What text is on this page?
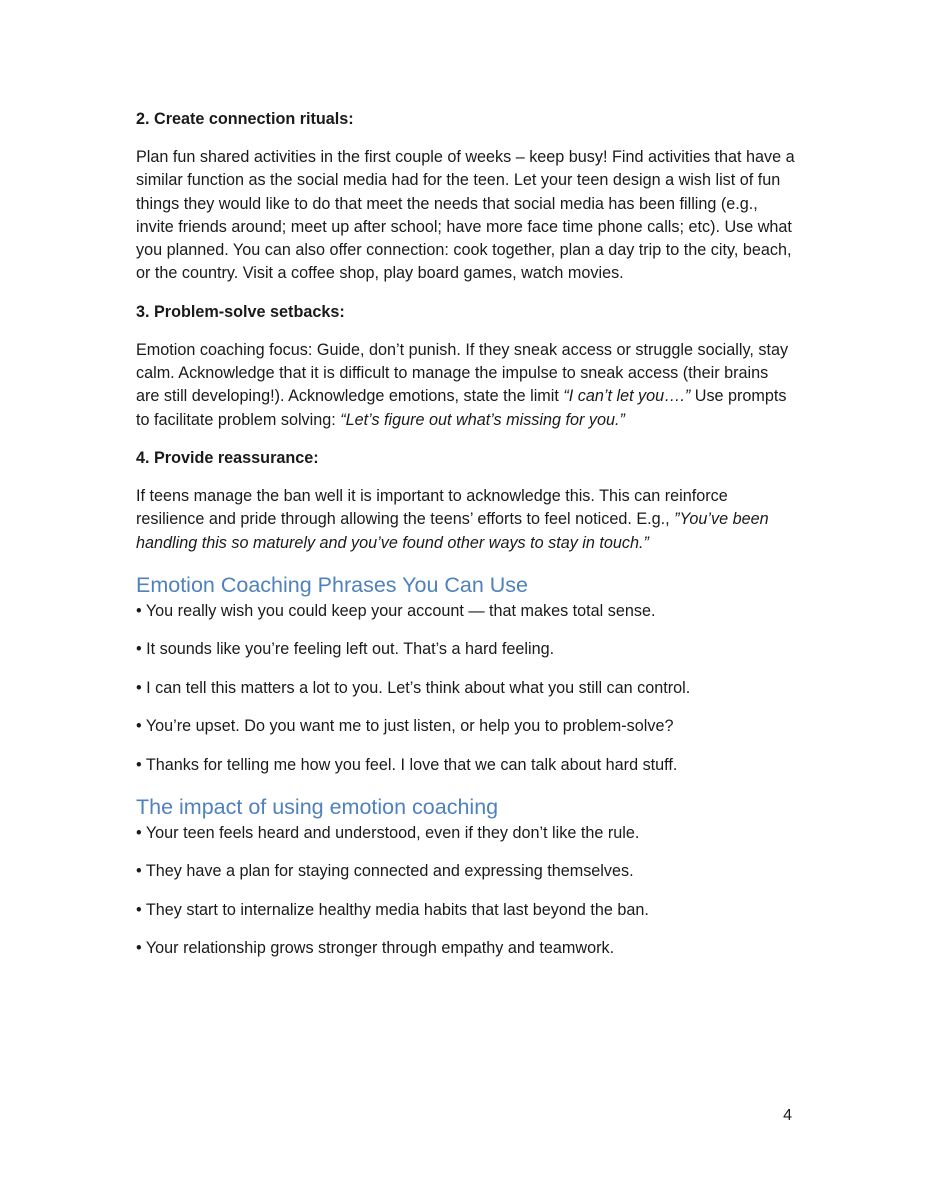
2. Create connection rituals:

Plan fun shared activities in the first couple of weeks – keep busy! Find activities that have a similar function as the social media had for the teen. Let your teen design a wish list of fun things they would like to do that meet the needs that social media has been filling (e.g., invite friends around; meet up after school; have more face time phone calls; etc). Use what you planned. You can also offer connection: cook together, plan a day trip to the city, beach, or the country. Visit a coffee shop, play board games, watch movies.

3. Problem-solve setbacks:

Emotion coaching focus: Guide, don’t punish. If they sneak access or struggle socially, stay calm. Acknowledge that it is difficult to manage the impulse to sneak access (their brains are still developing!). Acknowledge emotions, state the limit “I can’t let you….” Use prompts to facilitate problem solving: “Let’s figure out what’s missing for you.”

4. Provide reassurance:

If teens manage the ban well it is important to acknowledge this. This can reinforce resilience and pride through allowing the teens’ efforts to feel noticed. E.g., ”You’ve been handling this so maturely and you’ve found other ways to stay in touch.”

Emotion Coaching Phrases You Can Use
• You really wish you could keep your account — that makes total sense.
• It sounds like you’re feeling left out. That’s a hard feeling.
• I can tell this matters a lot to you. Let’s think about what you still can control.
• You’re upset. Do you want me to just listen, or help you to problem-solve?
• Thanks for telling me how you feel. I love that we can talk about hard stuff.
The impact of using emotion coaching
• Your teen feels heard and understood, even if they don’t like the rule.
• They have a plan for staying connected and expressing themselves.
• They start to internalize healthy media habits that last beyond the ban.
• Your relationship grows stronger through empathy and teamwork.
4
